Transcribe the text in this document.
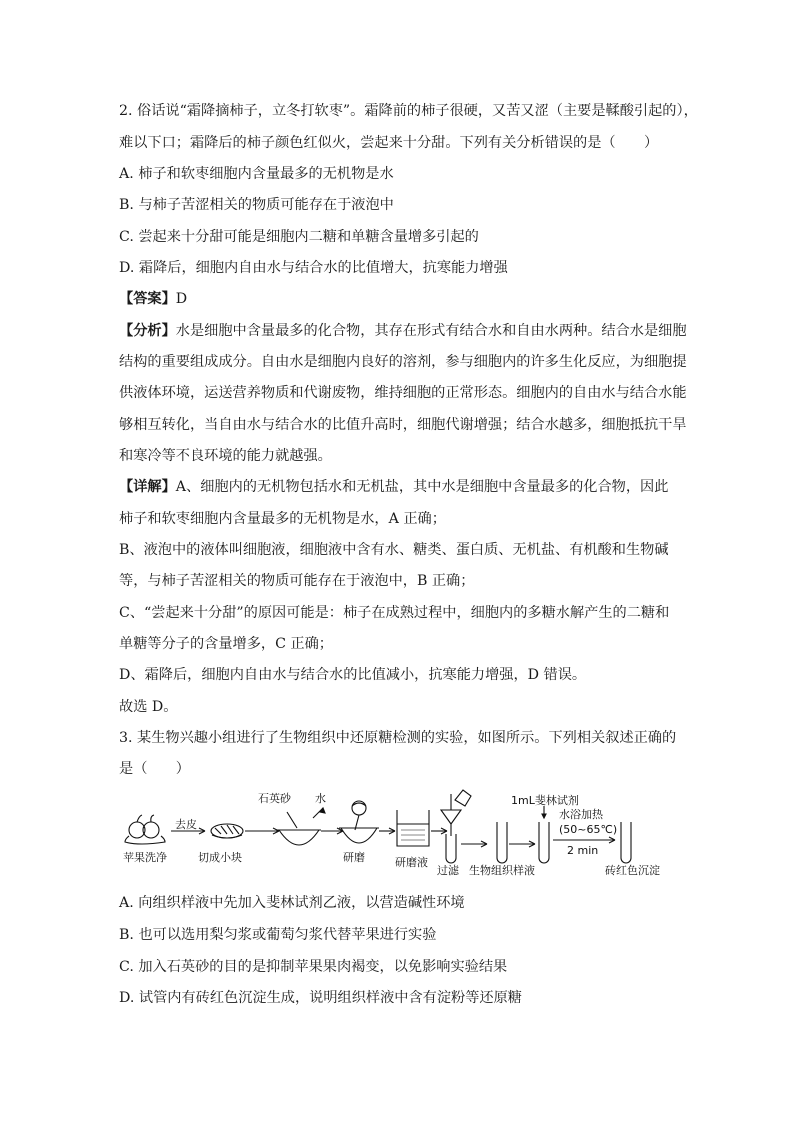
2. 俗话说“霜降摘柿子，立冬打软枣”。霜降前的柿子很硬，又苦又涩（主要是鞣酸引起的），
难以下口；霜降后的柿子颜色红似火，尝起来十分甜。下列有关分析错误的是（　　）
A. 柿子和软枣细胞内含量最多的无机物是水
B. 与柿子苦涩相关的物质可能存在于液泡中
C. 尝起来十分甜可能是细胞内二糖和单糖含量增多引起的
D. 霜降后，细胞内自由水与结合水的比值增大，抗寒能力增强
【答案】D
【分析】水是细胞中含量最多的化合物，其存在形式有结合水和自由水两种。结合水是细胞
结构的重要组成成分。自由水是细胞内良好的溶剂，参与细胞内的许多生化反应，为细胞提
供液体环境，运送营养物质和代谢废物，维持细胞的正常形态。细胞内的自由水与结合水能
够相互转化，当自由水与结合水的比值升高时，细胞代谢增强；结合水越多，细胞抵抗干旱
和寒冷等不良环境的能力就越强。
【详解】A、细胞内的无机物包括水和无机盐，其中水是细胞中含量最多的化合物，因此
柿子和软枣细胞内含量最多的无机物是水，A 正确；
B、液泡中的液体叫细胞液，细胞液中含有水、糖类、蛋白质、无机盐、有机酸和生物碱
等，与柿子苦涩相关的物质可能存在于液泡中，B 正确；
C、“尝起来十分甜”的原因可能是：柿子在成熟过程中，细胞内的多糖水解产生的二糖和
单糖等分子的含量增多，C 正确；
D、霜降后，细胞内自由水与结合水的比值减小，抗寒能力增强，D 错误。
故选 D。
3. 某生物兴趣小组进行了生物组织中还原糖检测的实验，如图所示。下列相关叙述正确的
是（　　）
苹果洗净
去皮
切成小块
石英砂 水
研磨	研磨液
过滤 生物组织样液
1mL斐林试剂
水浴加热
(50~65℃)
2 min
砖红色沉淀
A. 向组织样液中先加入斐林试剂乙液，以营造碱性环境
B. 也可以选用梨匀浆或葡萄匀浆代替苹果进行实验
C. 加入石英砂的目的是抑制苹果果肉褐变，以免影响实验结果
D. 试管内有砖红色沉淀生成，说明组织样液中含有淀粉等还原糖
